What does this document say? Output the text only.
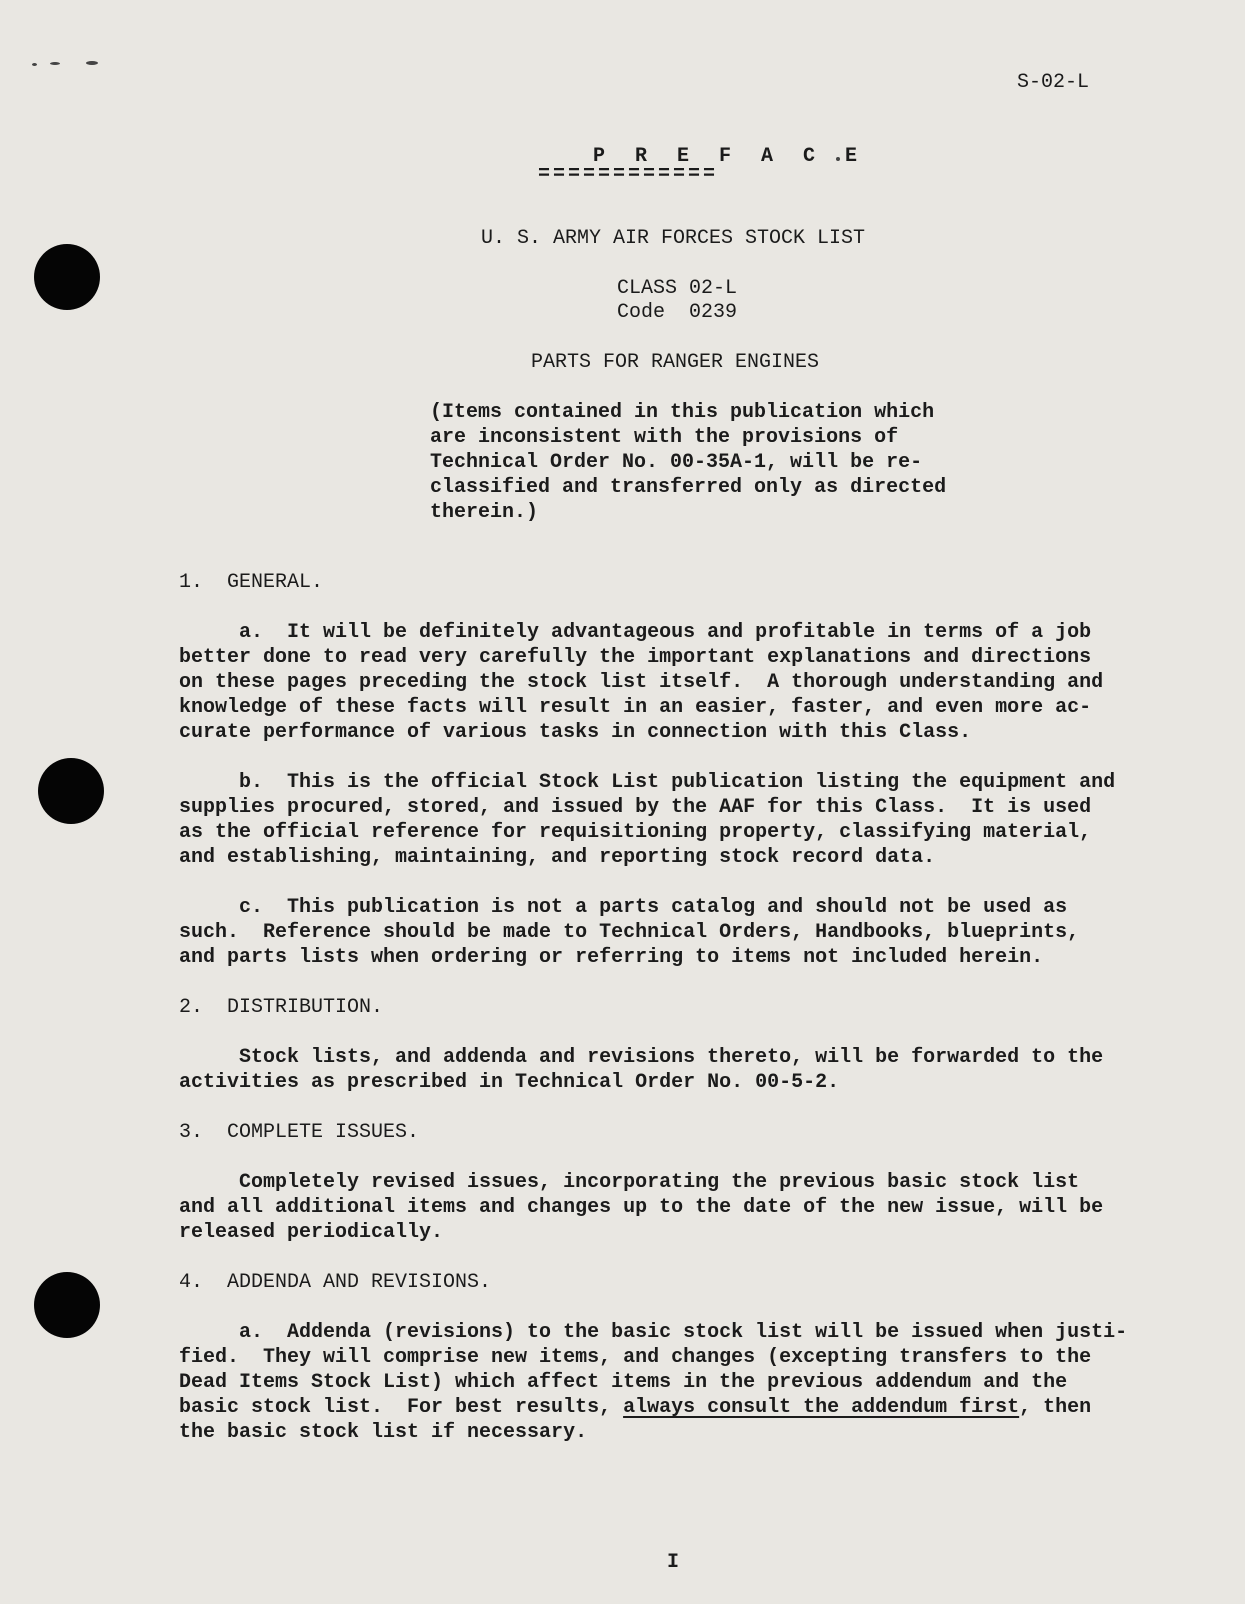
S-02-L
P R E F A C E
============
U. S. ARMY AIR FORCES STOCK LIST
CLASS 02-L
Code  0239
PARTS FOR RANGER ENGINES
(Items contained in this publication which
are inconsistent with the provisions of
Technical Order No. 00-35A-1, will be re-
classified and transferred only as directed
therein.)
1.  GENERAL.
a.  It will be definitely advantageous and profitable in terms of a job
better done to read very carefully the important explanations and directions
on these pages preceding the stock list itself.  A thorough understanding and
knowledge of these facts will result in an easier, faster, and even more ac-
curate performance of various tasks in connection with this Class.
b.  This is the official Stock List publication listing the equipment and
supplies procured, stored, and issued by the AAF for this Class.  It is used
as the official reference for requisitioning property, classifying material,
and establishing, maintaining, and reporting stock record data.
c.  This publication is not a parts catalog and should not be used as
such.  Reference should be made to Technical Orders, Handbooks, blueprints,
and parts lists when ordering or referring to items not included herein.
2.  DISTRIBUTION.
Stock lists, and addenda and revisions thereto, will be forwarded to the
activities as prescribed in Technical Order No. 00-5-2.
3.  COMPLETE ISSUES.
Completely revised issues, incorporating the previous basic stock list
and all additional items and changes up to the date of the new issue, will be
released periodically.
4.  ADDENDA AND REVISIONS.
a.  Addenda (revisions) to the basic stock list will be issued when justi-
fied.  They will comprise new items, and changes (excepting transfers to the
Dead Items Stock List) which affect items in the previous addendum and the
basic stock list.  For best results, always consult the addendum first, then
the basic stock list if necessary.
I
